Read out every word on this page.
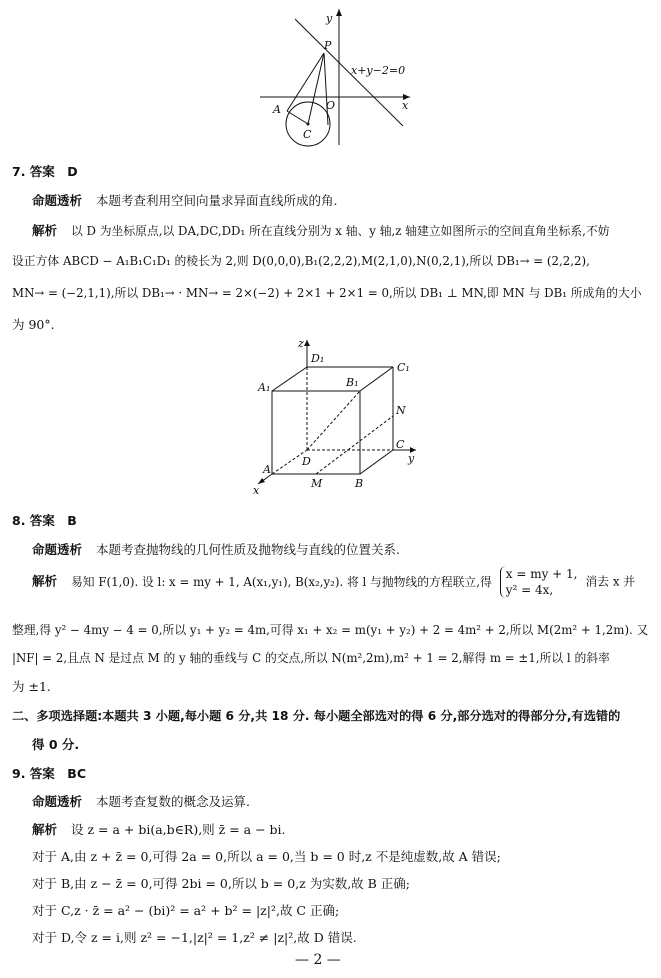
y
x
O
P
A
C
x+y−2=0
7. 答案　D
命题透析 本题考查利用空间向量求异面直线所成的角.
解析 以 D 为坐标原点,以 DA,DC,DD₁ 所在直线分别为 x 轴、y 轴,z 轴建立如图所示的空间直角坐标系,不妨
设正方体 ABCD − A₁B₁C₁D₁ 的棱长为 2,则 D(0,0,0),B₁(2,2,2),M(2,1,0),N(0,2,1),所以 DB₁→ = (2,2,2),
MN→ = (−2,1,1),所以 DB₁→ · MN→ = 2×(−2) + 2×1 + 2×1 = 0,所以 DB₁ ⊥ MN,即 MN 与 DB₁ 所成角的大小
为 90°.
z
x
y
D₁
C₁
A₁	B₁
N
C
D
A
M	B
8. 答案　B
命题透析 本题考查抛物线的几何性质及抛物线与直线的位置关系.
解析 易知 F(1,0). 设 l: x = my + 1, A(x₁,y₁), B(x₂,y₂). 将 l 与抛物线的方程联立,得
x = my + 1,
y² = 4x,
消去 x 并
整理,得 y² − 4my − 4 = 0,所以 y₁ + y₂ = 4m,可得 x₁ + x₂ = m(y₁ + y₂) + 2 = 4m² + 2,所以 M(2m² + 1,2m). 又
|NF| = 2,且点 N 是过点 M 的 y 轴的垂线与 C 的交点,所以 N(m²,2m),m² + 1 = 2,解得 m = ±1,所以 l 的斜率
为 ±1.
二、多项选择题:本题共 3 小题,每小题 6 分,共 18 分. 每小题全部选对的得 6 分,部分选对的得部分分,有选错的
得 0 分.
9. 答案　BC
命题透析 本题考查复数的概念及运算.
解析 设 z = a + bi(a,b∈R),则 z̄ = a − bi.
对于 A,由 z + z̄ = 0,可得 2a = 0,所以 a = 0,当 b = 0 时,z 不是纯虚数,故 A 错误;
对于 B,由 z − z̄ = 0,可得 2bi = 0,所以 b = 0,z 为实数,故 B 正确;
对于 C,z · z̄ = a² − (bi)² = a² + b² = |z|²,故 C 正确;
对于 D,令 z = i,则 z² = −1,|z|² = 1,z² ≠ |z|²,故 D 错误.
— 2 —
